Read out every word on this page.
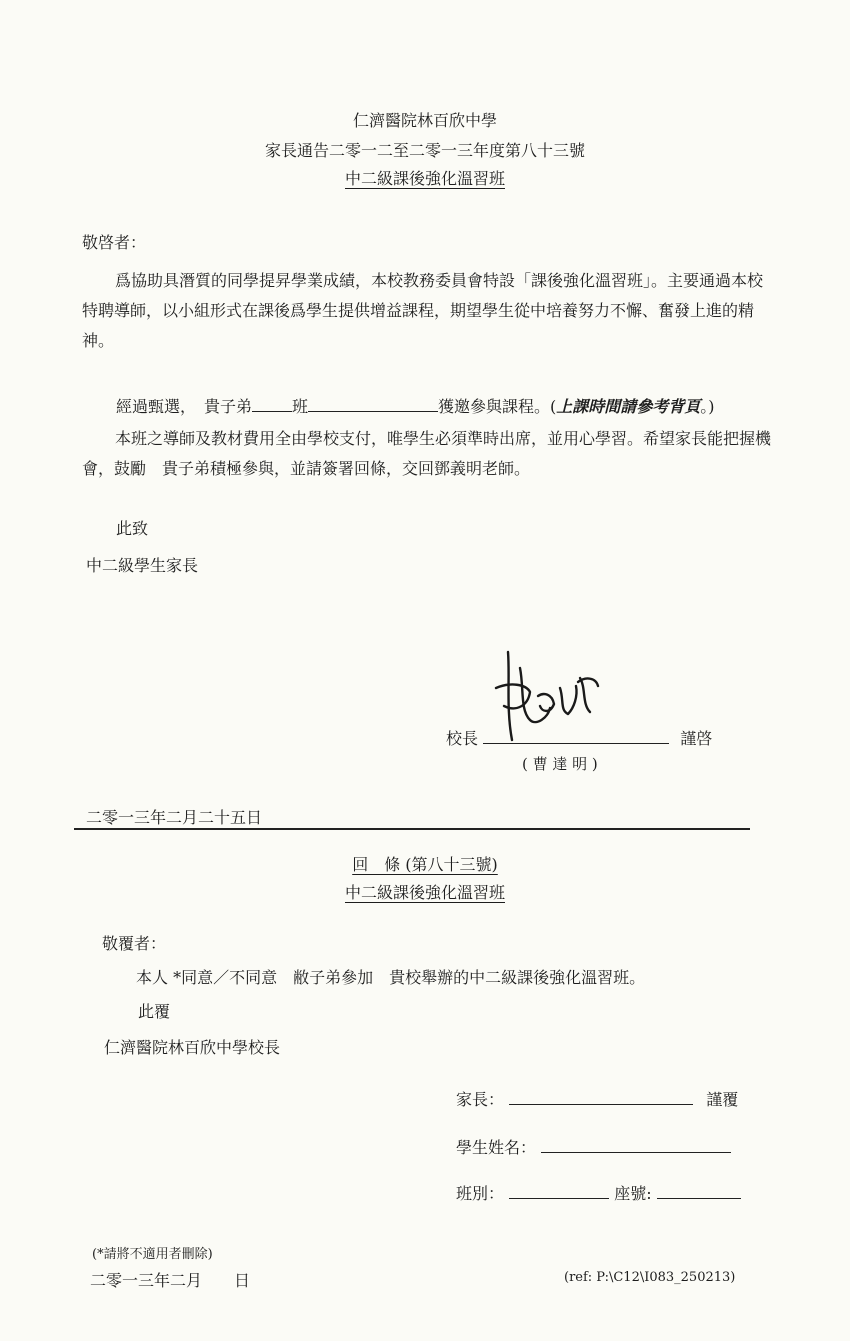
仁濟醫院林百欣中學
家長通告二零一二至二零一三年度第八十三號
中二級課後強化溫習班
敬啓者：
爲協助具潛質的同學提昇學業成績，本校教務委員會特設「課後強化溫習班」。主要通過本校特聘導師，以小組形式在課後爲學生提供增益課程，期望學生從中培養努力不懈、奮發上進的精神。
經過甄選，　貴子弟	班	獲邀參與課程。(上課時間請參考背頁。)
本班之導師及教材費用全由學校支付，唯學生必須準時出席，並用心學習。希望家長能把握機會，鼓勵　貴子弟積極參與，並請簽署回條，交回鄧義明老師。
此致
中二級學生家長
校長	謹啓
( 曹 達 明 )
二零一三年二月二十五日
回　條 (第八十三號)
中二級課後強化溫習班
敬覆者：
本人 *同意／不同意　敝子弟參加　貴校舉辦的中二級課後強化溫習班。
此覆
仁濟醫院林百欣中學校長
家長：	謹覆
學生姓名：
班別：	座號:
(*請將不適用者刪除)
二零一三年二月　　日	(ref: P:\C12\I083_250213)
